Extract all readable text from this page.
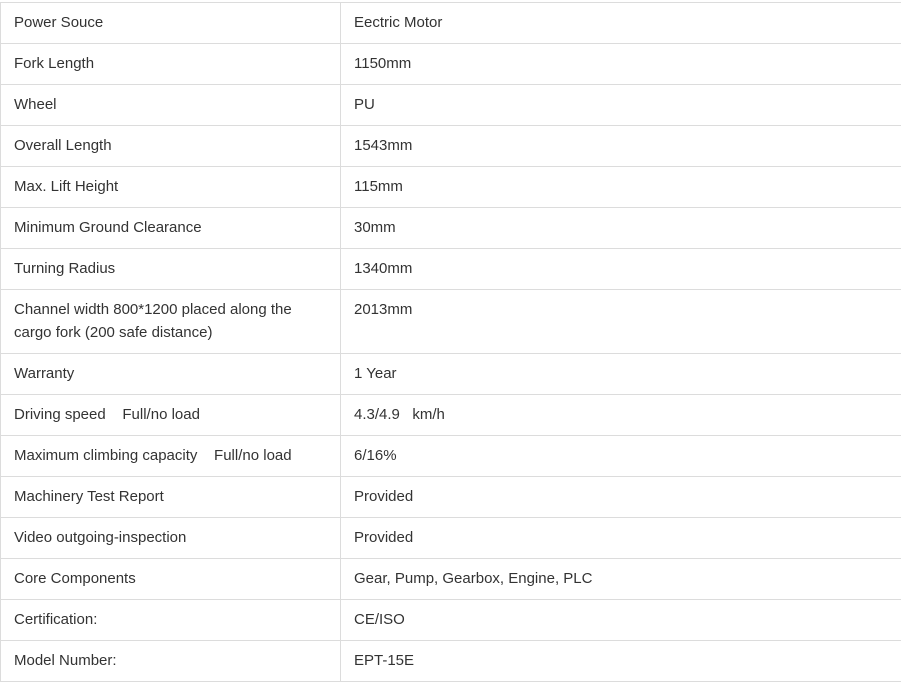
Power Souce	Eectric Motor
Fork Length	1150mm
Wheel	PU
Overall Length	1543mm
Max. Lift Height	115mm
Minimum Ground Clearance	30mm
Turning Radius	1340mm
Channel width 800*1200 placed along the cargo fork (200 safe distance)	2013mm
Warranty	1 Year
Driving speed    Full/no load	4.3/4.9   km/h
Maximum climbing capacity    Full/no load	6/16%
Machinery Test Report	Provided
Video outgoing-inspection	Provided
Core Components	Gear, Pump, Gearbox, Engine, PLC
Certification:	CE/ISO
Model Number:	EPT-15E
